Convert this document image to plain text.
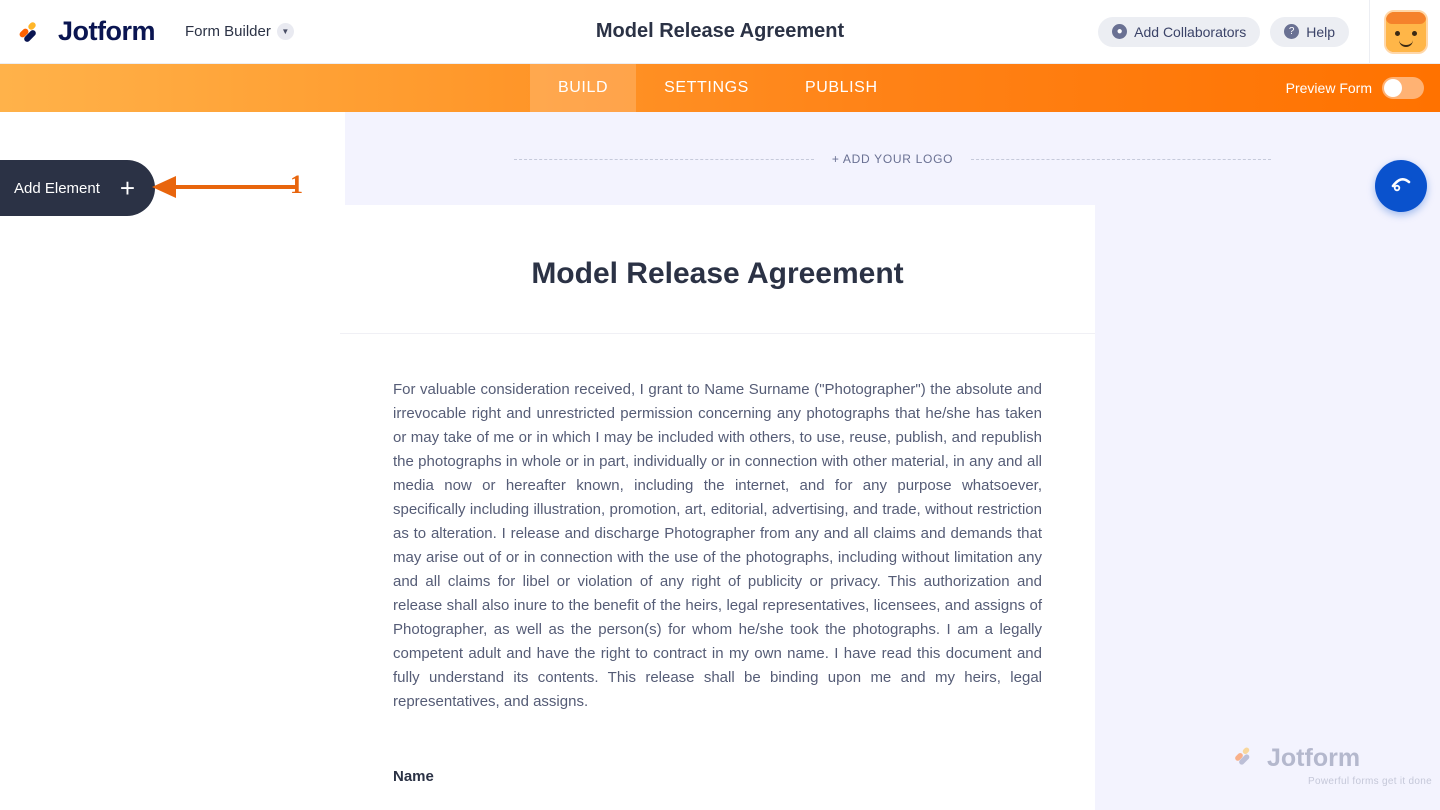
Jotform Form Builder	▼	Model Release Agreement	● Add Collaborators	? Help
BUILD	SETTINGS	PUBLISH	Preview Form
Add Element +
+ ADD YOUR LOGO
Model Release Agreement
For valuable consideration received, I grant to Name Surname ("Photographer") the absolute and irrevocable right and unrestricted permission concerning any photographs that he/she has taken or may take of me or in which I may be included with others, to use, reuse, publish, and republish the photographs in whole or in part, individually or in connection with other material, in any and all media now or hereafter known, including the internet, and for any purpose whatsoever, specifically including illustration, promotion, art, editorial, advertising, and trade, without restriction as to alteration. I release and discharge Photographer from any and all claims and demands that may arise out of or in connection with the use of the photographs, including without limitation any and all claims for libel or violation of any right of publicity or privacy. This authorization and release shall also inure to the benefit of the heirs, legal representatives, licensees, and assigns of Photographer, as well as the person(s) for whom he/she took the photographs. I am a legally competent adult and have the right to contract in my own name. I have read this document and fully understand its contents. This release shall be binding upon me and my heirs, legal representatives, and assigns.
Name
Jotform
Powerful forms get it done
1
